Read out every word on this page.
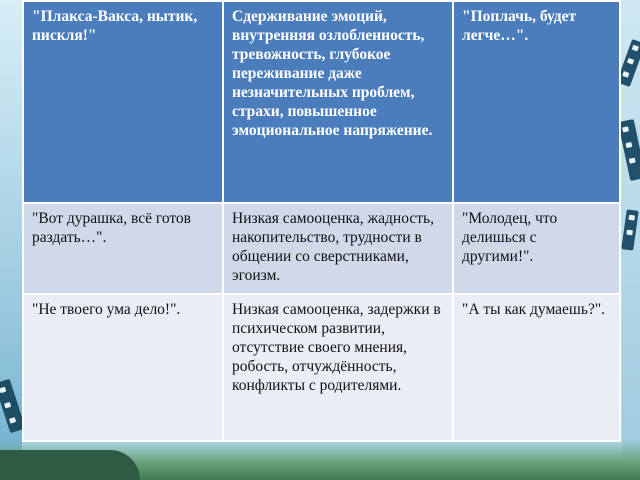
"Плакса-Вакса, нытик, пискля!"	Сдерживание эмоций, внутренняя озлобленность, тревожность, глубокое переживание даже незначительных проблем, страхи, повышенное эмоциональное напряжение.	"Поплачь, будет легче…".
"Вот дурашка, всё готов раздать…".	Низкая самооценка, жадность, накопительство, трудности в общении со сверстниками, эгоизм.	"Молодец, что делишься с другими!".
"Не твоего ума дело!".	Низкая самооценка, задержки в психическом развитии, отсутствие своего мнения, робость, отчуждённость, конфликты с родителями.	"А ты как думаешь?".
